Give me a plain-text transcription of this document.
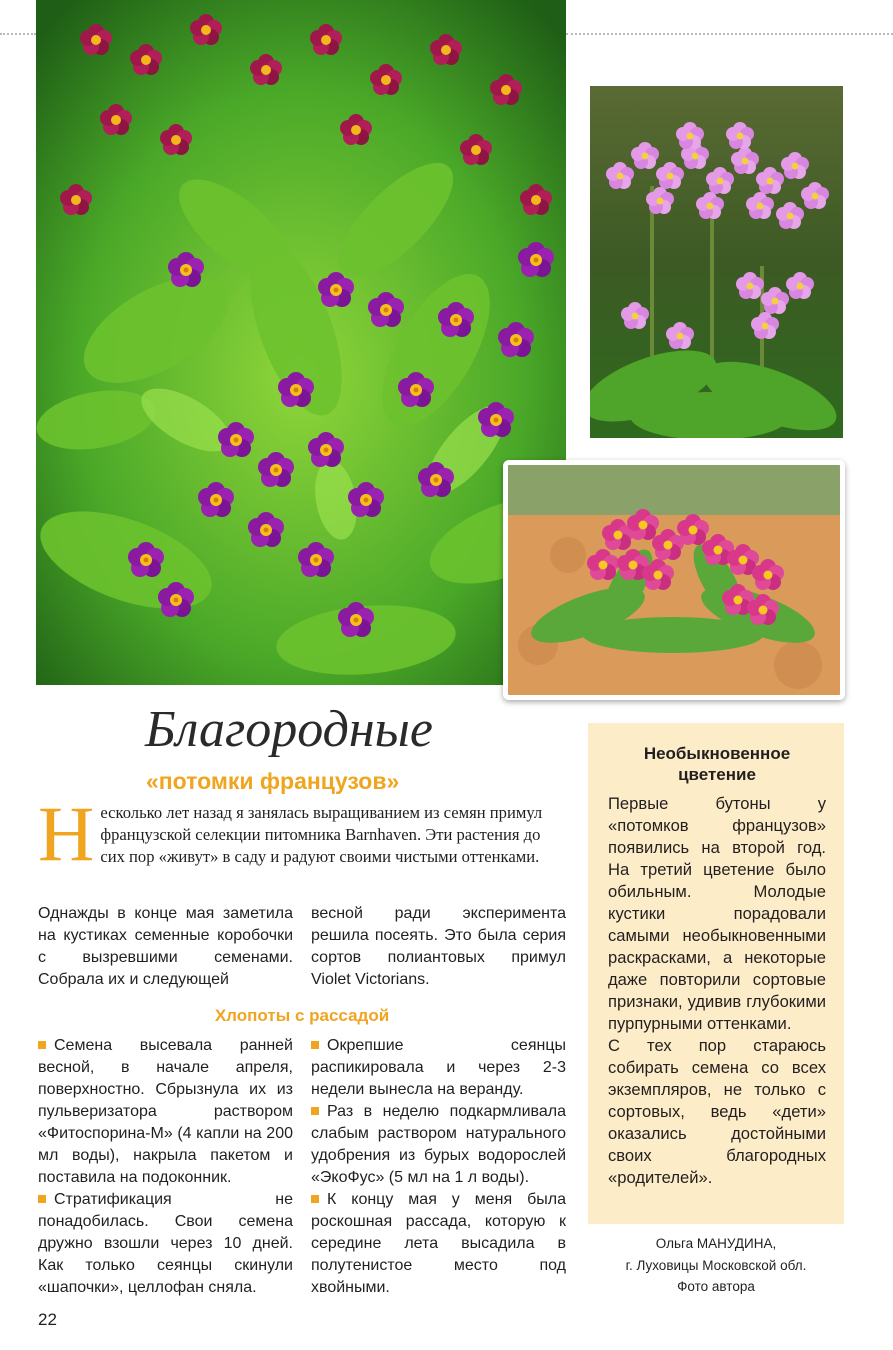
Благородные
«потомки французов»
Несколько лет назад я занялась выращиванием из семян примул французской селекции питомника Barnhaven. Эти растения до сих пор «живут» в саду и радуют своими чистыми оттенками.

Однажды в конце мая заметила на кустиках семенные коробочки с вызревшими семенами. Собрала их и следующей

весной ради эксперимента решила посеять. Это была серия сортов полиантовых примул Violet Victorians.

Хлопоты с рассадой

Семена высевала ранней весной, в начале апреля, поверхностно. Сбрызнула их из пульверизатора раствором «Фитоспорина-М» (4 капли на 200 мл воды), накрыла пакетом и поставила на подоконник.

Стратификация не понадобилась. Свои семена дружно взошли через 10 дней. Как только сеянцы скинули «шапочки», целлофан сняла.

Окрепшие сеянцы распикировала и через 2-3 недели вынесла на веранду.

Раз в неделю подкармливала слабым раствором натурального удобрения из бурых водорослей «ЭкоФус» (5 мл на 1 л воды).

К концу мая у меня была роскошная рассада, которую к середине лета высадила в полутенистое место под хвойными.

Необыкновенное цветение

Первые бутоны у «потомков французов» появились на второй год. На третий цветение было обильным. Молодые кустики порадовали самыми необыкновенными раскрасками, а некоторые даже повторили сортовые признаки, удивив глубокими пурпурными оттенками.

С тех пор стараюсь собирать семена со всех экземпляров, не только с сортовых, ведь «дети» оказались достойными своих благородных «родителей».

Ольга МАНУДИНА,
г. Луховицы Московской обл.
Фото автора
22
